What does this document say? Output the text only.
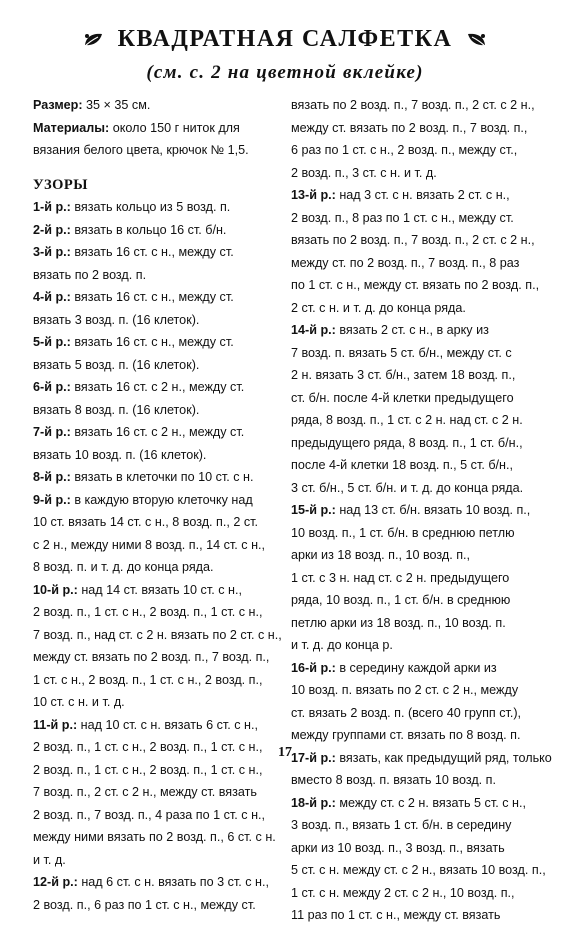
КВАДРАТНАЯ САЛФЕТКА
(см. с. 2 на цветной вклейке)
Размер: 35 × 35 см.
Материалы: около 150 г ниток для
вязания белого цвета, крючок № 1,5.
УЗОРЫ
1-й р.: вязать кольцо из 5 возд. п.
2-й р.: вязать в кольцо 16 ст. б/н.
3-й р.: вязать 16 ст. с н., между ст.
вязать по 2 возд. п.
4-й р.: вязать 16 ст. с н., между ст.
вязать 3 возд. п. (16 клеток).
5-й р.: вязать 16 ст. с н., между ст.
вязать 5 возд. п. (16 клеток).
6-й р.: вязать 16 ст. с 2 н., между ст.
вязать 8 возд. п. (16 клеток).
7-й р.: вязать 16 ст. с 2 н., между ст.
вязать 10 возд. п. (16 клеток).
8-й р.: вязать в клеточки по 10 ст. с н.
9-й р.: в каждую вторую клеточку над
10 ст. вязать 14 ст. с н., 8 возд. п., 2 ст.
с 2 н., между ними 8 возд. п., 14 ст. с н.,
8 возд. п. и т. д. до конца ряда.
10-й р.: над 14 ст. вязать 10 ст. с н.,
2 возд. п., 1 ст. с н., 2 возд. п., 1 ст. с н.,
7 возд. п., над ст. с 2 н. вязать по 2 ст. с н.,
между ст. вязать по 2 возд. п., 7 возд. п.,
1 ст. с н., 2 возд. п., 1 ст. с н., 2 возд. п.,
10 ст. с н. и т. д.
11-й р.: над 10 ст. с н. вязать 6 ст. с н.,
2 возд. п., 1 ст. с н., 2 возд. п., 1 ст. с н.,
2 возд. п., 1 ст. с н., 2 возд. п., 1 ст. с н.,
7 возд. п., 2 ст. с 2 н., между ст. вязать
2 возд. п., 7 возд. п., 4 раза по 1 ст. с н.,
между ними вязать по 2 возд. п., 6 ст. с н.
и т. д.
12-й р.: над 6 ст. с н. вязать по 3 ст. с н.,
2 возд. п., 6 раз по 1 ст. с н., между ст.
вязать по 2 возд. п., 7 возд. п., 2 ст. с 2 н.,
между ст. вязать по 2 возд. п., 7 возд. п.,
6 раз по 1 ст. с н., 2 возд. п., между ст.,
2 возд. п., 3 ст. с н. и т. д.
13-й р.: над 3 ст. с н. вязать 2 ст. с н.,
2 возд. п., 8 раз по 1 ст. с н., между ст.
вязать по 2 возд. п., 7 возд. п., 2 ст. с 2 н.,
между ст. по 2 возд. п., 7 возд. п., 8 раз
по 1 ст. с н., между ст. вязать по 2 возд. п.,
2 ст. с н. и т. д. до конца ряда.
14-й р.: вязать 2 ст. с н., в арку из
7 возд. п. вязать 5 ст. б/н., между ст. с
2 н. вязать 3 ст. б/н., затем 18 возд. п.,
ст. б/н. после 4-й клетки предыдущего
ряда, 8 возд. п., 1 ст. с 2 н. над ст. с 2 н.
предыдущего ряда, 8 возд. п., 1 ст. б/н.,
после 4-й клетки 18 возд. п., 5 ст. б/н.,
3 ст. б/н., 5 ст. б/н. и т. д. до конца ряда.
15-й р.: над 13 ст. б/н. вязать 10 возд. п.,
10 возд. п., 1 ст. б/н. в среднюю петлю
арки из 18 возд. п., 10 возд. п.,
1 ст. с 3 н. над ст. с 2 н. предыдущего
ряда, 10 возд. п., 1 ст. б/н. в среднюю
петлю арки из 18 возд. п., 10 возд. п.
и т. д. до конца р.
16-й р.: в середину каждой арки из
10 возд. п. вязать по 2 ст. с 2 н., между
ст. вязать 2 возд. п. (всего 40 групп ст.),
между группами ст. вязать по 8 возд. п.
17-й р.: вязать, как предыдущий ряд, только
вместо 8 возд. п. вязать 10 возд. п.
18-й р.: между ст. с 2 н. вязать 5 ст. с н.,
3 возд. п., вязать 1 ст. б/н. в середину
арки из 10 возд. п., 3 возд. п., вязать
5 ст. с н. между ст. с 2 н., вязать 10 возд. п.,
1 ст. с н. между 2 ст. с 2 н., 10 возд. п.,
11 раз по 1 ст. с н., между ст. вязать
17
